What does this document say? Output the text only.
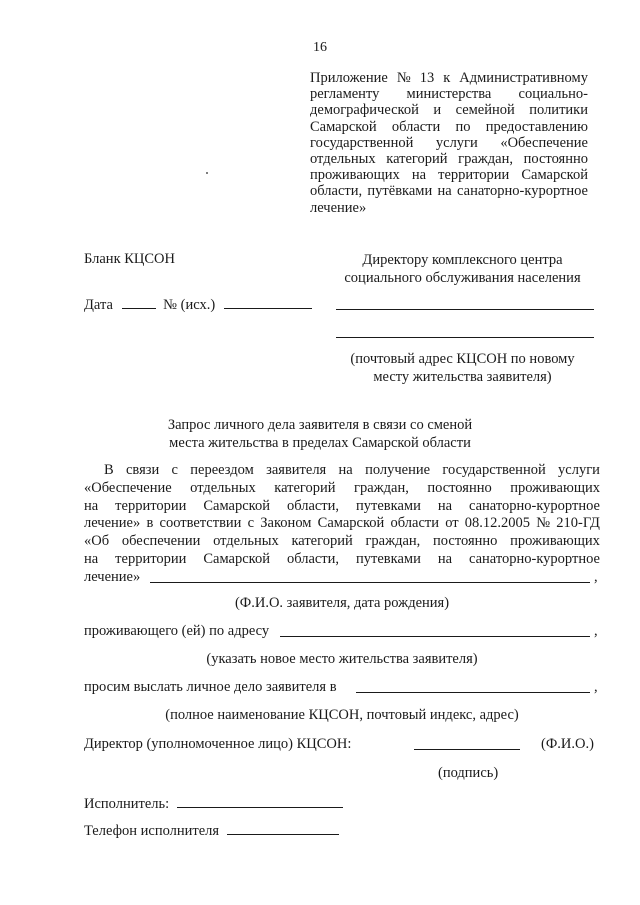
16
Приложение № 13 к Административному
регламенту министерства социально-
демографической и семейной политики
Самарской области по предоставлению
государственной услуги «Обеспечение
отдельных категорий граждан, постоянно
проживающих на территории Самарской
области, путёвками на санаторно-курортное
лечение»
Бланк КЦСОН	Директору комплексного центра
социального обслуживания населения
Дата	№ (исх.)
(почтовый адрес КЦСОН по новому
месту жительства заявителя)
Запрос личного дела заявителя в связи со сменой
места жительства в пределах Самарской области
В связи с переездом заявителя на получение государственной услуги
«Обеспечение отдельных категорий граждан, постоянно проживающих
на территории Самарской области, путевками на санаторно-курортное
лечение» в соответствии с Законом Самарской области от 08.12.2005 № 210-ГД
«Об обеспечении отдельных категорий граждан, постоянно проживающих
на территории Самарской области, путевками на санаторно-курортное
лечение»	,
(Ф.И.О. заявителя, дата рождения)
проживающего (ей) по адресу	,
(указать новое место жительства заявителя)
просим выслать личное дело заявителя в	,
(полное наименование КЦСОН, почтовый индекс, адрес)
Директор (уполномоченное лицо) КЦСОН:	(Ф.И.О.)
(подпись)
Исполнитель:
Телефон исполнителя
